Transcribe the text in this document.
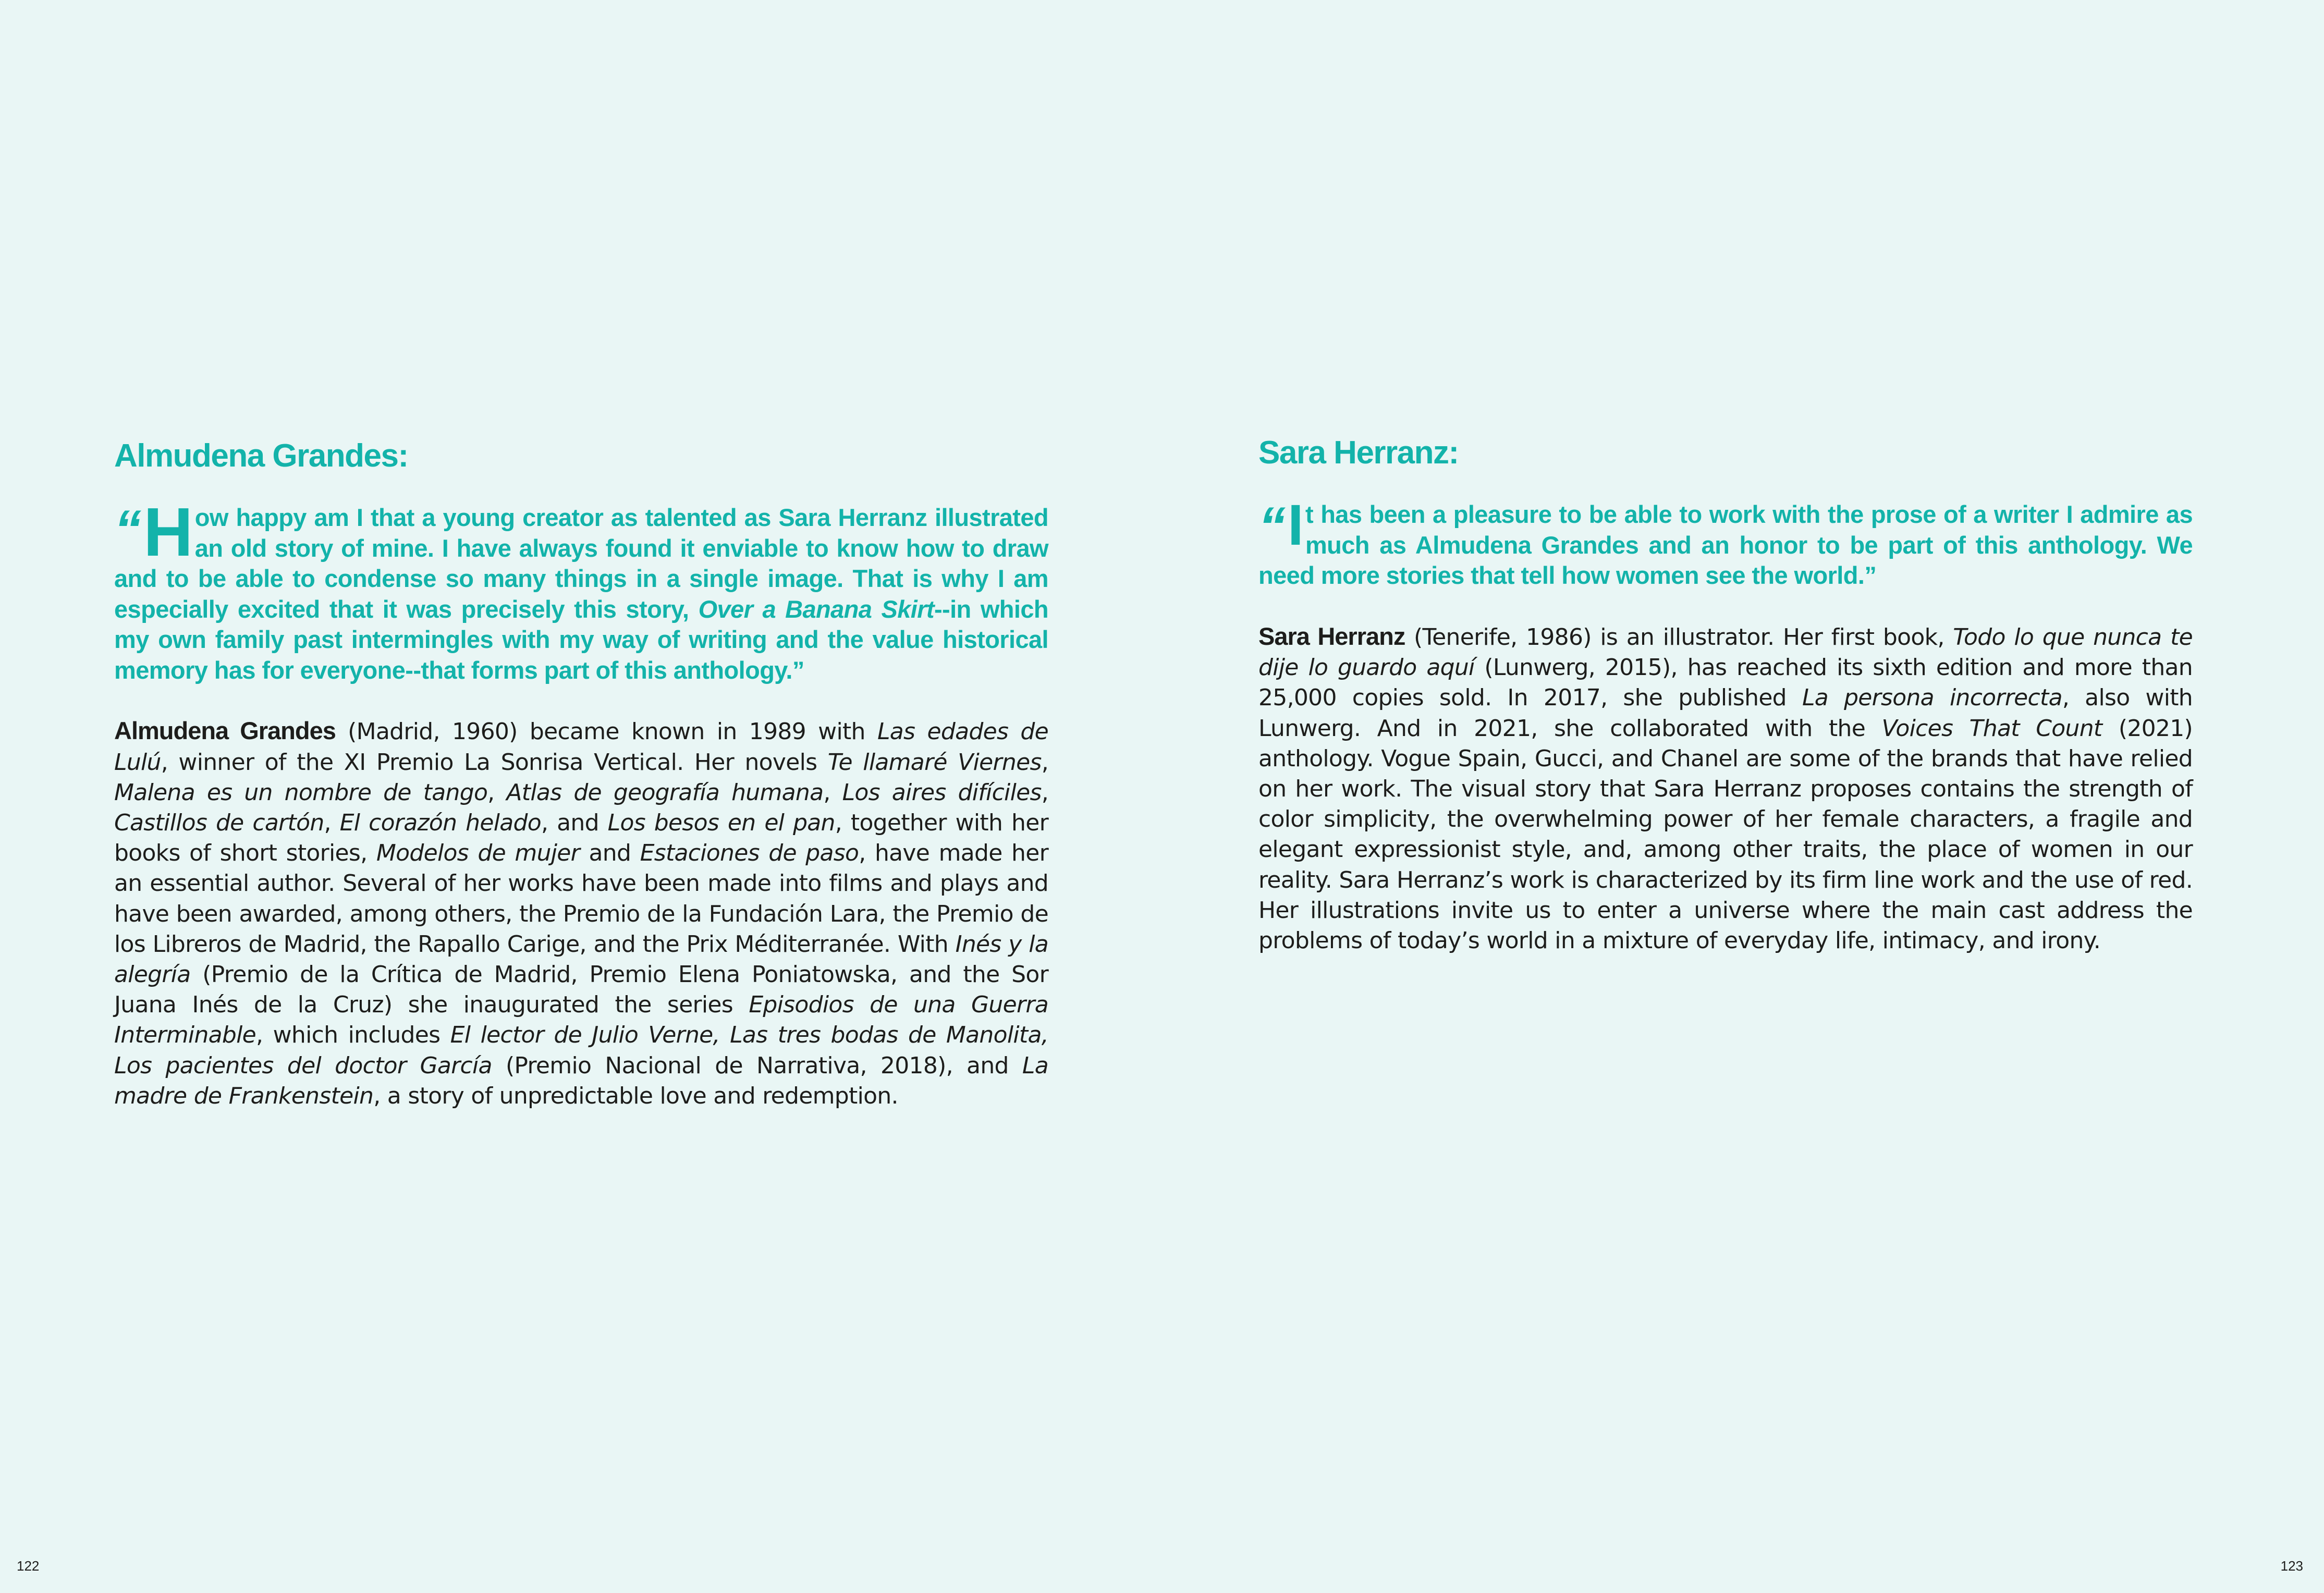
Almudena Grandes:

“ H ow happy am I that a young creator as talented as Sara Herranz illustrated an old story of mine. I have always found it enviable to know how to draw and to be able to condense so many things in a single image. That is why I am especially excited that it was precisely this story, Over a Banana Skirt--in which my own family past intermingles with my way of writing and the value historical memory has for everyone--that forms part of this anthology.”

Almudena Grandes (Madrid, 1960) became known in 1989 with Las edades de Lulú, winner of the XI Premio La Sonrisa Vertical. Her novels Te llamaré Viernes, Malena es un nombre de tango, Atlas de geografía humana, Los aires difíciles, Castillos de cartón, El corazón helado, and Los besos en el pan, together with her books of short stories, Modelos de mujer and Estaciones de paso, have made her an essential author. Several of her works have been made into films and plays and have been awarded, among others, the Premio de la Fundación Lara, the Premio de los Libreros de Madrid, the Rapallo Carige, and the Prix Méditerranée. With Inés y la alegría (Premio de la Crítica de Madrid, Premio Elena Poniatowska, and the Sor Juana Inés de la Cruz) she inaugurated the series Episodios de una Guerra Interminable, which includes El lector de Julio Verne, Las tres bodas de Manolita, Los pacientes del doctor García (Premio Nacional de Narrativa, 2018), and La madre de Frankenstein, a story of unpredictable love and redemption.

Sara Herranz:

“ I t has been a pleasure to be able to work with the prose of a writer I admire as much as Almudena Grandes and an honor to be part of this anthology. We need more stories that tell how women see the world.”

Sara Herranz (Tenerife, 1986) is an illustrator. Her first book, Todo lo que nunca te dije lo guardo aquí (Lunwerg, 2015), has reached its sixth edition and more than 25,000 copies sold. In 2017, she published La persona incorrecta, also with Lunwerg. And in 2021, she collaborated with the Voices That Count (2021) anthology. Vogue Spain, Gucci, and Chanel are some of the brands that have relied on her work. The visual story that Sara Herranz proposes contains the strength of color simplicity, the overwhelming power of her female characters, a fragile and elegant expressionist style, and, among other traits, the place of women in our reality. Sara Herranz’s work is characterized by its firm line work and the use of red. Her illustrations invite us to enter a universe where the main cast address the problems of today’s world in a mixture of everyday life, intimacy, and irony.

122	123
